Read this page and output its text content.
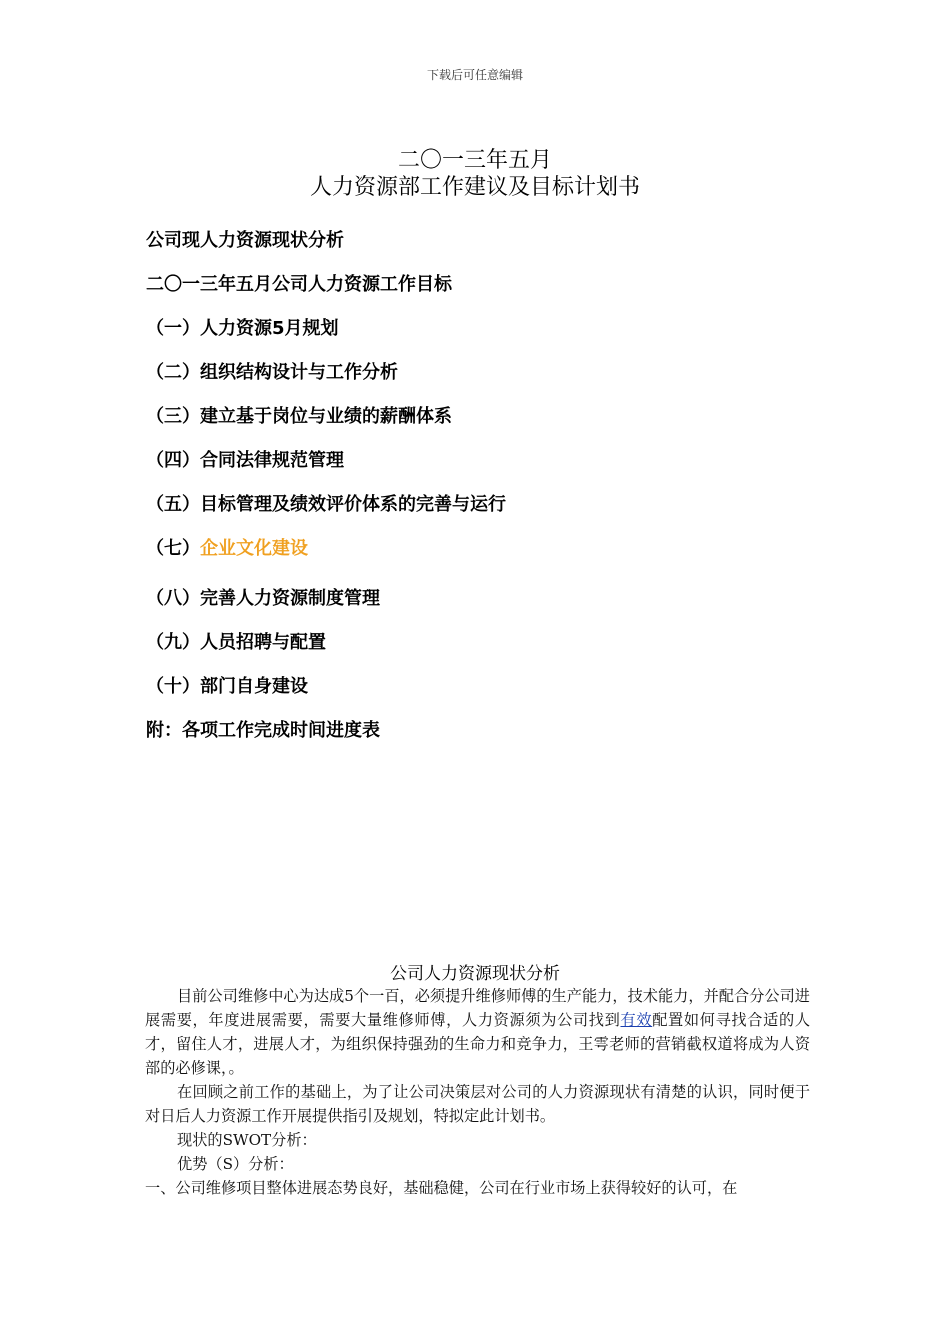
下载后可任意编辑
二〇一三年五月
人力资源部工作建议及目标计划书
公司现人力资源现状分析
二〇一三年五月公司人力资源工作目标
（一）人力资源5月规划
（二）组织结构设计与工作分析
（三）建立基于岗位与业绩的薪酬体系
（四）合同法律规范管理
（五）目标管理及绩效评价体系的完善与运行
（七）企业文化建设
（八）完善人力资源制度管理
（九）人员招聘与配置
（十）部门自身建设
附：各项工作完成时间进度表
公司人力资源现状分析

目前公司维修中心为达成5个一百，必须提升维修师傅的生产能力，技术能力，并配合分公司进展需要，年度进展需要，需要大量维修师傅，人力资源须为公司找到有效配置如何寻找合适的人才，留住人才，进展人才，为组织保持强劲的生命力和竞争力，王雩老师的营销截权道将成为人资部的必修课，。

在回顾之前工作的基础上，为了让公司决策层对公司的人力资源现状有清楚的认识，同时便于对日后人力资源工作开展提供指引及规划，特拟定此计划书。

现状的SWOT分析：

优势（S）分析：

一、公司维修项目整体进展态势良好，基础稳健，公司在行业市场上获得较好的认可，在
